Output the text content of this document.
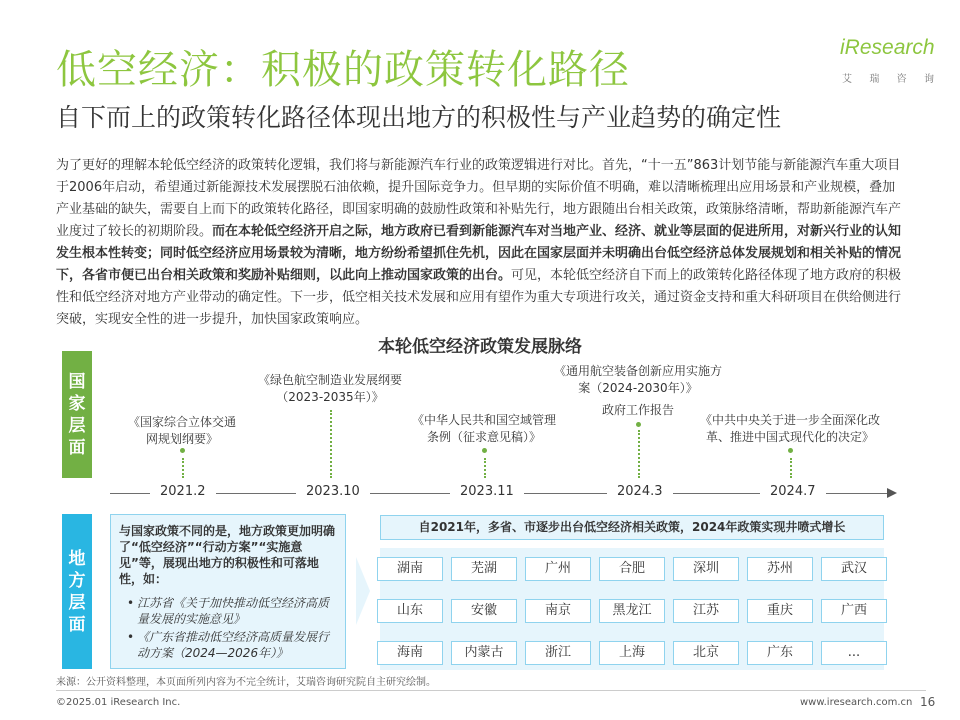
低空经济：积极的政策转化路径
自下而上的政策转化路径体现出地方的积极性与产业趋势的确定性
iResearch
艾 瑞 咨 询
为了更好的理解本轮低空经济的政策转化逻辑，我们将与新能源汽车行业的政策逻辑进行对比。首先，“十一五”863计划节能与新能源汽车重大项目于2006年启动，希望通过新能源技术发展摆脱石油依赖，提升国际竞争力。但早期的实际价值不明确，难以清晰梳理出应用场景和产业规模，叠加产业基础的缺失，需要自上而下的政策转化路径，即国家明确的鼓励性政策和补贴先行，地方跟随出台相关政策，政策脉络清晰，帮助新能源汽车产业度过了较长的初期阶段。而在本轮低空经济开启之际，地方政府已看到新能源汽车对当地产业、经济、就业等层面的促进所用，对新兴行业的认知发生根本性转变；同时低空经济应用场景较为清晰，地方纷纷希望抓住先机，因此在国家层面并未明确出台低空经济总体发展规划和相关补贴的情况下，各省市便已出台相关政策和奖励补贴细则，以此向上推动国家政策的出台。可见，本轮低空经济自下而上的政策转化路径体现了地方政府的积极性和低空经济对地方产业带动的确定性。下一步，低空相关技术发展和应用有望作为重大专项进行攻关，通过资金支持和重大科研项目在供给侧进行突破，实现安全性的进一步提升，加快国家政策响应。
本轮低空经济政策发展脉络
国
家
层
面
《国家综合立体交通
网规划纲要》
《绿色航空制造业发展纲要
（2023-2035年）》
《中华人民共和国空域管理
条例（征求意见稿）》
《通用航空装备创新应用实施方
案（2024-2030年）》
政府工作报告
《中共中央关于进一步全面深化改
革、推进中国式现代化的决定》
2021.2	2023.10	2023.11	2024.3	2024.7
地
方
层
面
与国家政策不同的是，地方政策更加明确了“低空经济”“行动方案”“实施意见”等，展现出地方的积极性和可落地性，如：
• 江苏省《关于加快推动低空经济高质量发展的实施意见》
• 《广东省推动低空经济高质量发展行动方案（2024—2026年）》
自2021年，多省、市逐步出台低空经济相关政策，2024年政策实现井喷式增长
湖南	芜湖	广州	合肥	深圳	苏州	武汉
山东	安徽	南京	黑龙江	江苏	重庆	广西
海南	内蒙古	浙江	上海	北京	广东	...
来源：公开资料整理，本页面所列内容为不完全统计，艾瑞咨询研究院自主研究绘制。
©2025.01 iResearch Inc.	www.iresearch.com.cn 16
